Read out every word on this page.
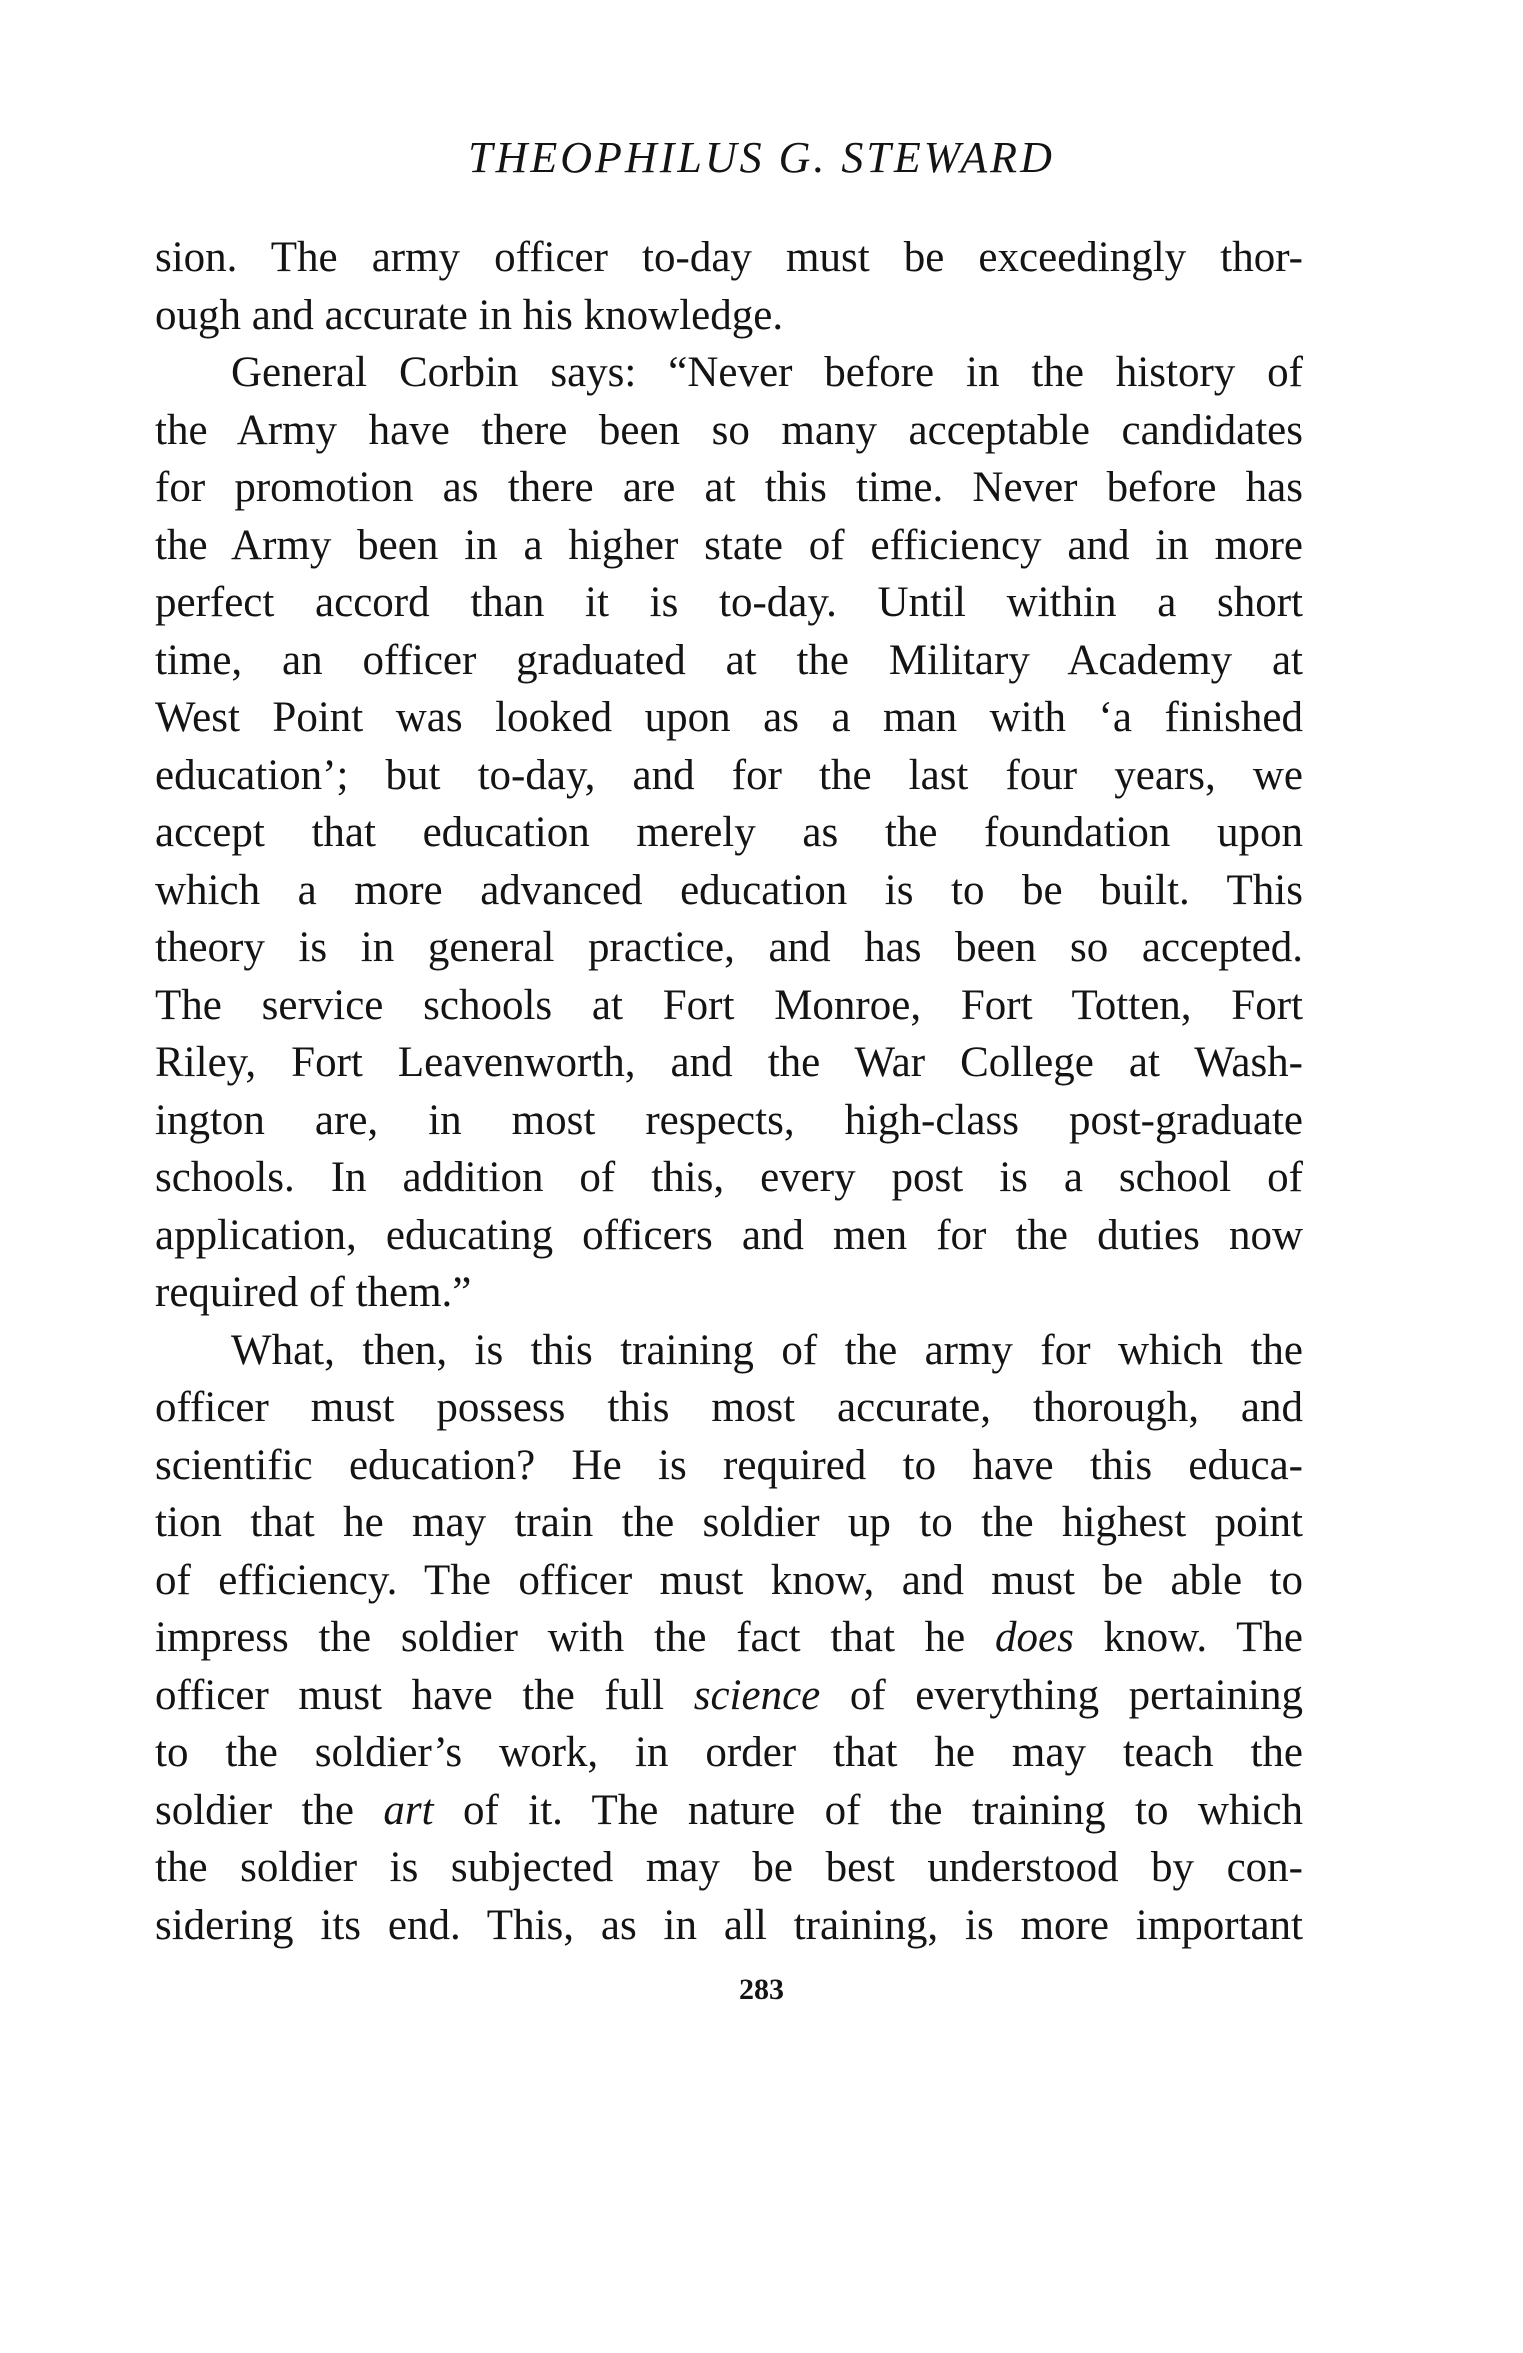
THEOPHILUS G. STEWARD
sion. The army officer to-day must be exceedingly thor-
ough and accurate in his knowledge.
General Corbin says: “Never before in the history of
the Army have there been so many acceptable candidates
for promotion as there are at this time. Never before has
the Army been in a higher state of efficiency and in more
perfect accord than it is to-day. Until within a short
time, an officer graduated at the Military Academy at
West Point was looked upon as a man with ‘a finished
education’; but to-day, and for the last four years, we
accept that education merely as the foundation upon
which a more advanced education is to be built. This
theory is in general practice, and has been so accepted.
The service schools at Fort Monroe, Fort Totten, Fort
Riley, Fort Leavenworth, and the War College at Wash-
ington are, in most respects, high-class post-graduate
schools. In addition of this, every post is a school of
application, educating officers and men for the duties now
required of them.”
What, then, is this training of the army for which the
officer must possess this most accurate, thorough, and
scientific education? He is required to have this educa-
tion that he may train the soldier up to the highest point
of efficiency. The officer must know, and must be able to
impress the soldier with the fact that he does know. The
officer must have the full science of everything pertaining
to the soldier’s work, in order that he may teach the
soldier the art of it. The nature of the training to which
the soldier is subjected may be best understood by con-
sidering its end. This, as in all training, is more important
283
